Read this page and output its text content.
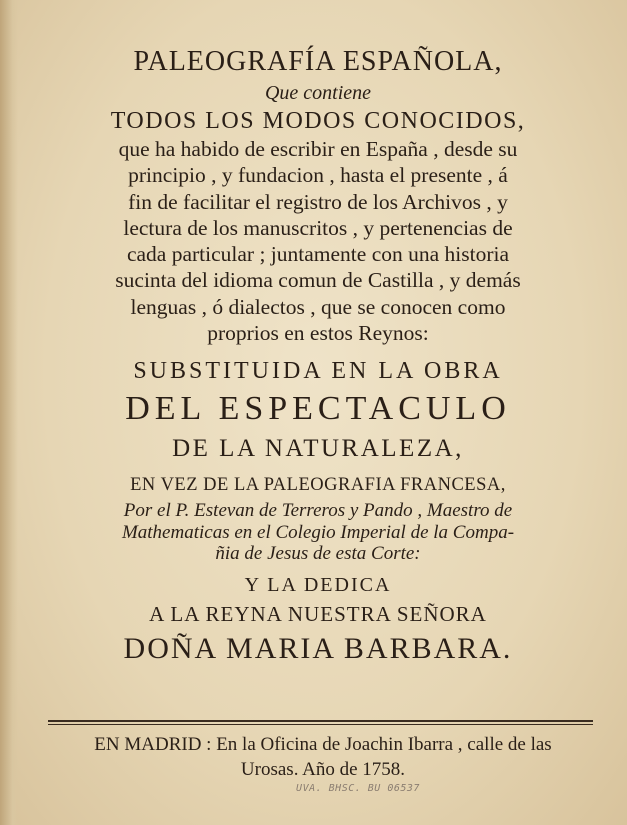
PALEOGRAFÍA ESPAÑOLA,
Que contiene
TODOS LOS MODOS CONOCIDOS,
que ha habido de escribir en España , desde su
principio , y fundacion , hasta el presente , á
fin de facilitar el registro de los Archivos , y
lectura de los manuscritos , y pertenencias de
cada particular ; juntamente con una historia
sucinta del idioma comun de Castilla , y demás
lenguas , ó dialectos , que se conocen como
proprios en estos Reynos:
SUBSTITUIDA EN LA OBRA
DEL ESPECTACULO
DE LA NATURALEZA,
EN VEZ DE LA PALEOGRAFIA FRANCESA,
Por el P. Estevan de Terreros y Pando , Maestro de
Mathematicas en el Colegio Imperial de la Compa-
ñia de Jesus de esta Corte:
Y LA DEDICA
A LA REYNA NUESTRA SEÑORA
DOÑA MARIA BARBARA.
EN MADRID : En la Oficina de Joachin Ibarra , calle de las
Urosas. Año de 1758.
UVA. BHSC. BU 06537
